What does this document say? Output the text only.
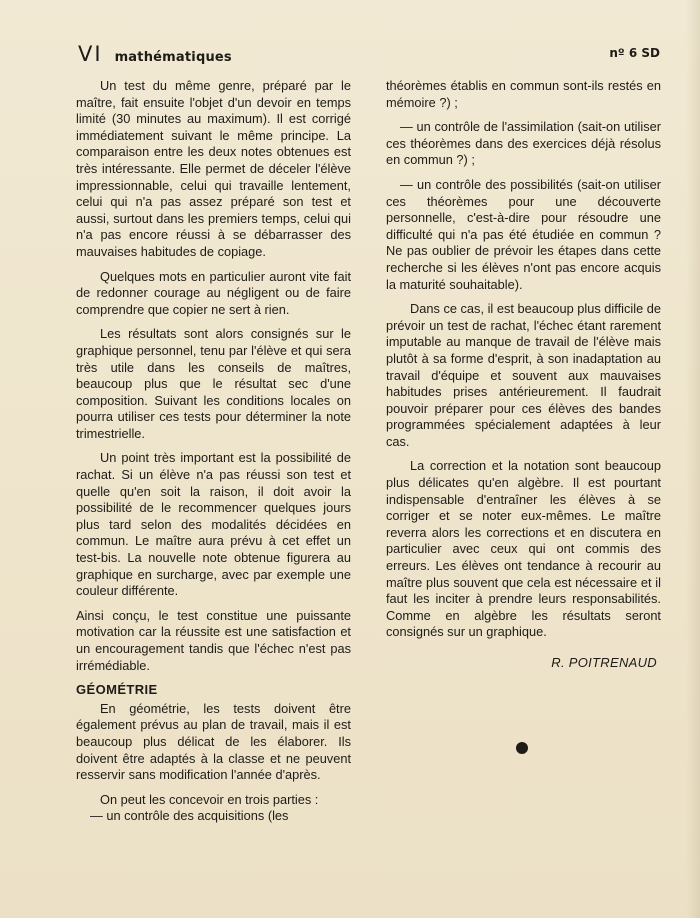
VI mathématiques	nº 6 SD

Un test du même genre, préparé par le maître, fait ensuite l'objet d'un devoir en temps limité (30 minutes au maximum). Il est corrigé immédiatement suivant le même principe. La comparaison entre les deux notes obtenues est très intéressante. Elle permet de déceler l'élève impressionnable, celui qui travaille lentement, celui qui n'a pas assez préparé son test et aussi, surtout dans les premiers temps, celui qui n'a pas encore réussi à se débarrasser des mauvaises habitudes de copiage.

Quelques mots en particulier auront vite fait de redonner courage au négligent ou de faire comprendre que copier ne sert à rien.

Les résultats sont alors consignés sur le graphique personnel, tenu par l'élève et qui sera très utile dans les conseils de maîtres, beaucoup plus que le résultat sec d'une composition. Suivant les conditions locales on pourra utiliser ces tests pour déterminer la note trimestrielle.

Un point très important est la possibilité de rachat. Si un élève n'a pas réussi son test et quelle qu'en soit la raison, il doit avoir la possibilité de le recommencer quelques jours plus tard selon des modalités décidées en commun. Le maître aura prévu à cet effet un test-bis. La nouvelle note obtenue figurera au graphique en surcharge, avec par exemple une couleur différente.

Ainsi conçu, le test constitue une puissante motivation car la réussite est une satisfaction et un encouragement tandis que l'échec n'est pas irrémédiable.

GÉOMÉTRIE

En géométrie, les tests doivent être également prévus au plan de travail, mais il est beaucoup plus délicat de les élaborer. Ils doivent être adaptés à la classe et ne peuvent resservir sans modification l'année d'après.

On peut les concevoir en trois parties :

— un contrôle des acquisitions (les

théorèmes établis en commun sont-ils restés en mémoire ?) ;

— un contrôle de l'assimilation (sait-on utiliser ces théorèmes dans des exercices déjà résolus en commun ?) ;

— un contrôle des possibilités (sait-on utiliser ces théorèmes pour une découverte personnelle, c'est-à-dire pour résoudre une difficulté qui n'a pas été étudiée en commun ? Ne pas oublier de prévoir les étapes dans cette recherche si les élèves n'ont pas encore acquis la maturité souhaitable).

Dans ce cas, il est beaucoup plus difficile de prévoir un test de rachat, l'échec étant rarement imputable au manque de travail de l'élève mais plutôt à sa forme d'esprit, à son inadaptation au travail d'équipe et souvent aux mauvaises habitudes prises antérieurement. Il faudrait pouvoir préparer pour ces élèves des bandes programmées spécialement adaptées à leur cas.

La correction et la notation sont beaucoup plus délicates qu'en algèbre. Il est pourtant indispensable d'entraîner les élèves à se corriger et se noter eux-mêmes. Le maître reverra alors les corrections et en discutera en particulier avec ceux qui ont commis des erreurs. Les élèves ont tendance à recourir au maître plus souvent que cela est nécessaire et il faut les inciter à prendre leurs responsabilités. Comme en algèbre les résultats seront consignés sur un graphique.

R. POITRENAUD
